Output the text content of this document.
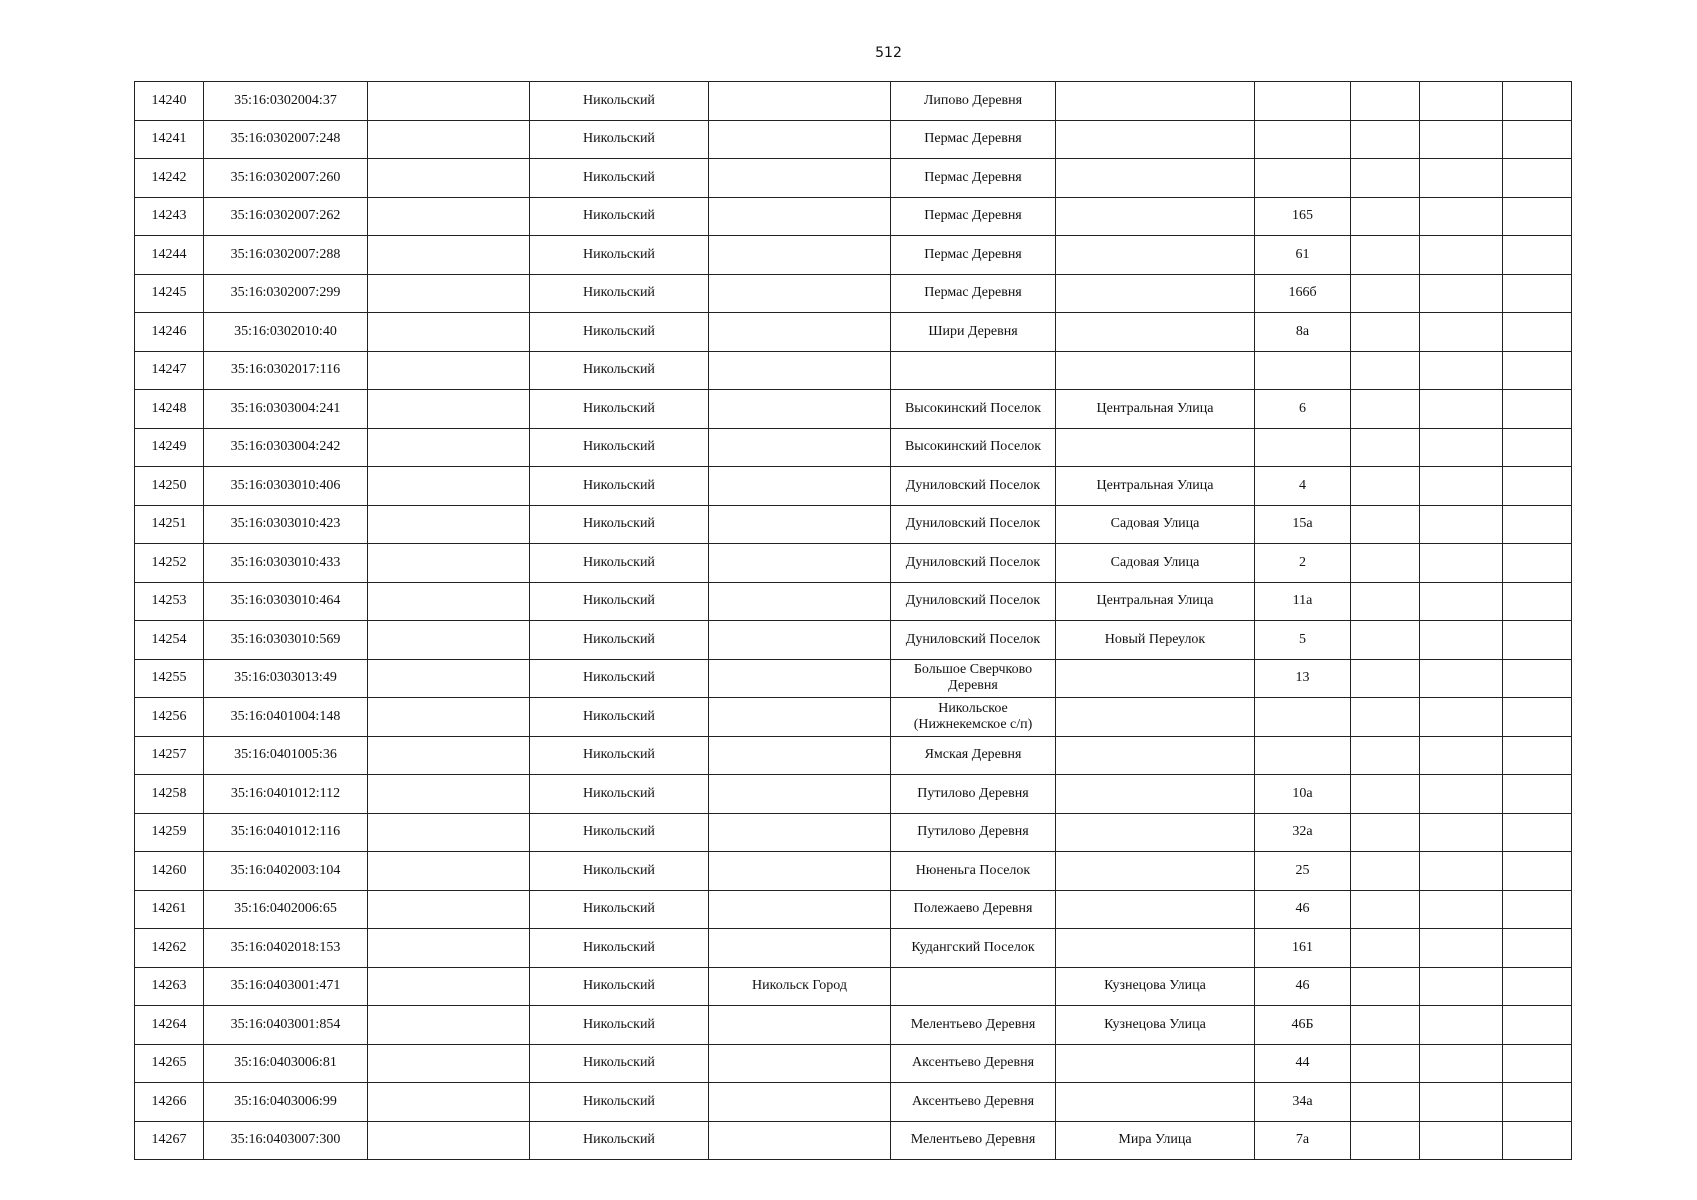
512
14240	35:16:0302004:37		Никольский		Липово Деревня					
14241	35:16:0302007:248		Никольский		Пермас Деревня					
14242	35:16:0302007:260		Никольский		Пермас Деревня					
14243	35:16:0302007:262		Никольский		Пермас Деревня		165			
14244	35:16:0302007:288		Никольский		Пермас Деревня		61			
14245	35:16:0302007:299		Никольский		Пермас Деревня		166б			
14246	35:16:0302010:40		Никольский		Шири Деревня		8а			
14247	35:16:0302017:116		Никольский							
14248	35:16:0303004:241		Никольский		Высокинский Поселок	Центральная Улица	6			
14249	35:16:0303004:242		Никольский		Высокинский Поселок					
14250	35:16:0303010:406		Никольский		Дуниловский Поселок	Центральная Улица	4			
14251	35:16:0303010:423		Никольский		Дуниловский Поселок	Садовая Улица	15а			
14252	35:16:0303010:433		Никольский		Дуниловский Поселок	Садовая Улица	2			
14253	35:16:0303010:464		Никольский		Дуниловский Поселок	Центральная Улица	11а			
14254	35:16:0303010:569		Никольский		Дуниловский Поселок	Новый Переулок	5			
14255	35:16:0303013:49		Никольский		Большое Сверчково Деревня		13			
14256	35:16:0401004:148		Никольский		Никольское (Нижнекемское с/п)					
14257	35:16:0401005:36		Никольский		Ямская Деревня					
14258	35:16:0401012:112		Никольский		Путилово Деревня		10а			
14259	35:16:0401012:116		Никольский		Путилово Деревня		32а			
14260	35:16:0402003:104		Никольский		Нюненьга Поселок		25			
14261	35:16:0402006:65		Никольский		Полежаево Деревня		46			
14262	35:16:0402018:153		Никольский		Кудангский Поселок		161			
14263	35:16:0403001:471		Никольский	Никольск Город		Кузнецова Улица	46			
14264	35:16:0403001:854		Никольский		Мелентьево Деревня	Кузнецова Улица	46Б			
14265	35:16:0403006:81		Никольский		Аксентьево Деревня		44			
14266	35:16:0403006:99		Никольский		Аксентьево Деревня		34а			
14267	35:16:0403007:300		Никольский		Мелентьево Деревня	Мира Улица	7а			
